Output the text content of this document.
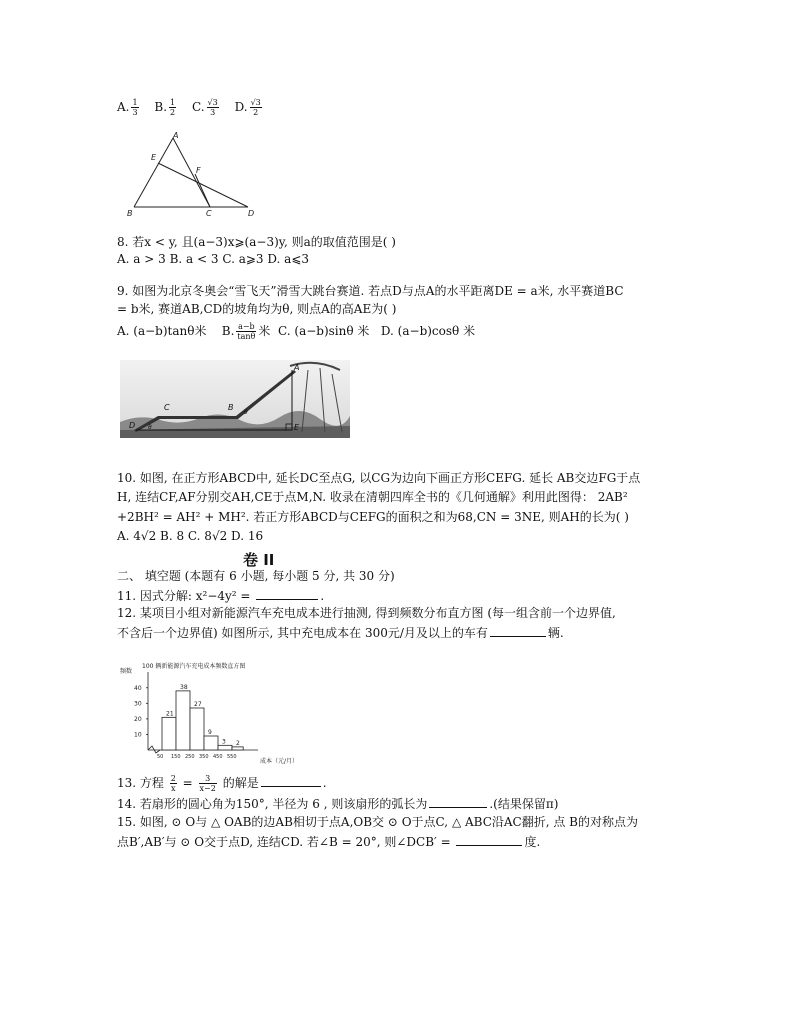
A. $\frac{1}{3} B$. $\frac{1}{2} C$. $\frac{√3}{3} D$. $\frac{√3}{2}$
A
E
F
B	C	D
8. 若x < y, 且(a−3)x⩾(a−3)y, 则a的取值范围是( )
A. a > 3 B. a < 3 C. a⩾3 D. a⩽3
9. 如图为北京冬奥会“雪飞天”滑雪大跳台赛道. 若点D与点A的水平距离DE = a米, 水平赛道BC
= b米, 赛道AB,CD的坡角均为θ, 则点A的高AE为( )
A. (a−b)tanθ米 B. $\frac{a-b}{\tan\theta}$ 米 C. (a−b)sinθ 米 D. (a−b)cosθ 米
A
B
C
D	E
θ
θ
10. 如图, 在正方形ABCD中, 延长DC至点G, 以CG为边向下画正方形CEFG. 延长 AB交边FG于点
H, 连结CF,AF分别交AH,CE于点M,N. 收录在清朝四库全书的《几何通解》利用此图得： 2AB²
+2BH² = AH² + MH². 若正方形ABCD与CEFG的面积之和为68,CN = 3NE, 则AH的长为( )
A. 4√2 B. 8 C. 8√2 D. 16
卷 II
二、 填空题 (本题有 6 小题, 每小题 5 分, 共 30 分)
11. 因式分解: x²−4y² =	.
12. 某项目小组对新能源汽车充电成本进行抽测, 得到频数分布直方图 (每一组含前一个边界值,
不含后一个边界值) 如图所示, 其中充电成本在 300元/月及以上的车有	辆.
100 辆新能源汽车充电成本频数直方图
频数
成本（元/月）
10
20
30
40
21
38
27
9
3 2
50 150 250 350 450 550
13. 方程 $\frac{2}{x} = \frac{3}{x-2}$ 的解是	.
14. 若扇形的圆心角为150°, 半径为 6 , 则该扇形的弧长为	.(结果保留π)
15. 如图, ⊙ O与 △ OAB的边AB相切于点A,OB交 ⊙ O于点C, △ ABC沿AC翻折, 点 B的对称点为
点B′,AB′与 ⊙ O交于点D, 连结CD. 若∠B = 20°, 则∠DCB′ =	度.
